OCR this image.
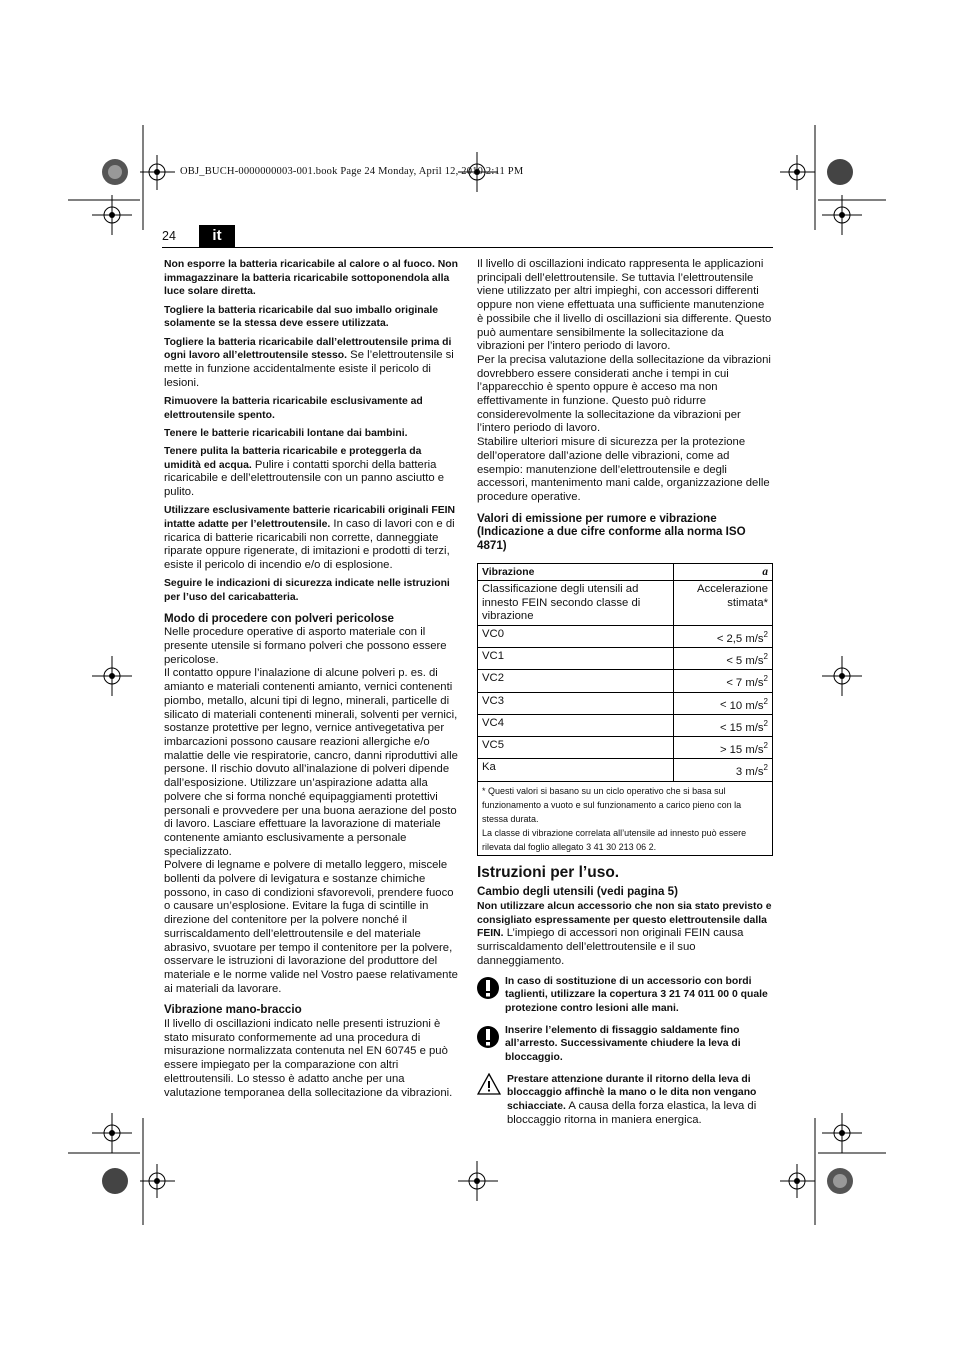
OBJ_BUCH-0000000003-001.book Page 24 Monday, April 12, 2010 2:11 PM
24	it

Non esporre la batteria ricaricabile al calore o al fuoco. Non immagazzinare la batteria ricaricabile sottoponendola alla luce solare diretta.

Togliere la batteria ricaricabile dal suo imballo originale solamente se la stessa deve essere utilizzata.

Togliere la batteria ricaricabile dall’elettroutensile prima di ogni lavoro all’elettroutensile stesso. Se l’elettroutensile si mette in funzione accidentalmente esiste il pericolo di lesioni.

Rimuovere la batteria ricaricabile esclusivamente ad elettroutensile spento.

Tenere le batterie ricaricabili lontane dai bambini.

Tenere pulita la batteria ricaricabile e proteggerla da umidità ed acqua. Pulire i contatti sporchi della batteria ricaricabile e dell’elettroutensile con un panno asciutto e pulito.

Utilizzare esclusivamente batterie ricaricabili originali FEIN intatte adatte per l’elettroutensile. In caso di lavori con e di ricarica di batterie ricaricabili non corrette, danneggiate riparate oppure rigenerate, di imitazioni e prodotti di terzi, esiste il pericolo di incendio e/o di esplosione.

Seguire le indicazioni di sicurezza indicate nelle istruzioni per l’uso del caricabatteria.

Modo di procedere con polveri pericolose

Nelle procedure operative di asporto materiale con il presente utensile si formano polveri che possono essere pericolose.

Il contatto oppure l’inalazione di alcune polveri p. es. di amianto e materiali contenenti amianto, vernici contenenti piombo, metallo, alcuni tipi di legno, minerali, particelle di silicato di materiali contenenti minerali, solventi per vernici, sostanze protettive per legno, vernice antivegetativa per imbarcazioni possono causare reazioni allergiche e/o malattie delle vie respiratorie, cancro, danni riproduttivi alle persone. Il rischio dovuto all’inalazione di polveri dipende dall’esposizione. Utilizzare un’aspirazione adatta alla polvere che si forma nonché equipaggiamenti protettivi personali e provvedere per una buona aerazione del posto di lavoro. Lasciare effettuare la lavorazione di materiale contenente amianto esclusivamente a personale specializzato.

Polvere di legname e polvere di metallo leggero, miscele bollenti da polvere di levigatura e sostanze chimiche possono, in caso di condizioni sfavorevoli, prendere fuoco o causare un’esplosione. Evitare la fuga di scintille in direzione del contenitore per la polvere nonché il surriscaldamento dell’elettroutensile e del materiale abrasivo, svuotare per tempo il contenitore per la polvere, osservare le istruzioni di lavorazione del produttore del materiale e le norme valide nel Vostro paese relativamente ai materiali da lavorare.

Vibrazione mano-braccio

Il livello di oscillazioni indicato nelle presenti istruzioni è stato misurato conformemente ad una procedura di misurazione normalizzata contenuta nel EN 60745 e può essere impiegato per la comparazione con altri elettroutensili. Lo stesso è adatto anche per una valutazione temporanea della sollecitazione da vibrazioni.

Il livello di oscillazioni indicato rappresenta le applicazioni principali dell’elettroutensile. Se tuttavia l’elettroutensile viene utilizzato per altri impieghi, con accessori differenti oppure non viene effettuata una sufficiente manutenzione è possibile che il livello di oscillazioni sia differente. Questo può aumentare sensibilmente la sollecitazione da vibrazioni per l’intero periodo di lavoro.

Per la precisa valutazione della sollecitazione da vibrazioni dovrebbero essere considerati anche i tempi in cui l’apparecchio è spento oppure è acceso ma non effettivamente in funzione. Questo può ridurre considerevolmente la sollecitazione da vibrazioni per l’intero periodo di lavoro.

Stabilire ulteriori misure di sicurezza per la protezione dell’operatore dall’azione delle vibrazioni, come ad esempio: manutenzione dell’elettroutensile e degli accessori, mantenimento mani calde, organizzazione delle procedure operative.

Valori di emissione per rumore e vibrazione (Indicazione a due cifre conforme alla norma ISO 4871)

Vibrazione	a
Classificazione degli utensili ad innesto FEIN secondo classe di vibrazione	Accelerazione stimata*
VC0	< 2,5 $m/s^2$
VC1	< 5 $m/s^2$
VC2	< 7 $m/s^2$
VC3	< 10 $m/s^2$
VC4	< 15 $m/s^2$
VC5	> 15 $m/s^2$
Ka	3 $m/s^2$

* Questi valori si basano su un ciclo operativo che si basa sul funzionamento a vuoto e sul funzionamento a carico pieno con la stessa durata.
La classe di vibrazione correlata all’utensile ad innesto può essere rilevata dal foglio allegato 3 41 30 213 06 2.	

Istruzioni per l’uso.

Cambio degli utensili (vedi pagina 5)

Non utilizzare alcun accessorio che non sia stato previsto e consigliato espressamente per questo elettroutensile dalla FEIN. L’impiego di accessori non originali FEIN causa surriscaldamento dell’elettroutensile e il suo danneggiamento.

In caso di sostituzione di un accessorio con bordi taglienti, utilizzare la copertura 3 21 74 011 00 0 quale protezione contro lesioni alle mani.
Inserire l’elemento di fissaggio saldamente fino all’arresto. Successivamente chiudere la leva di bloccaggio.
Prestare attenzione durante il ritorno della leva di bloccaggio affinchè la mano o le dita non vengano schiacciate. A causa della forza elastica, la leva di bloccaggio ritorna in maniera energica.
